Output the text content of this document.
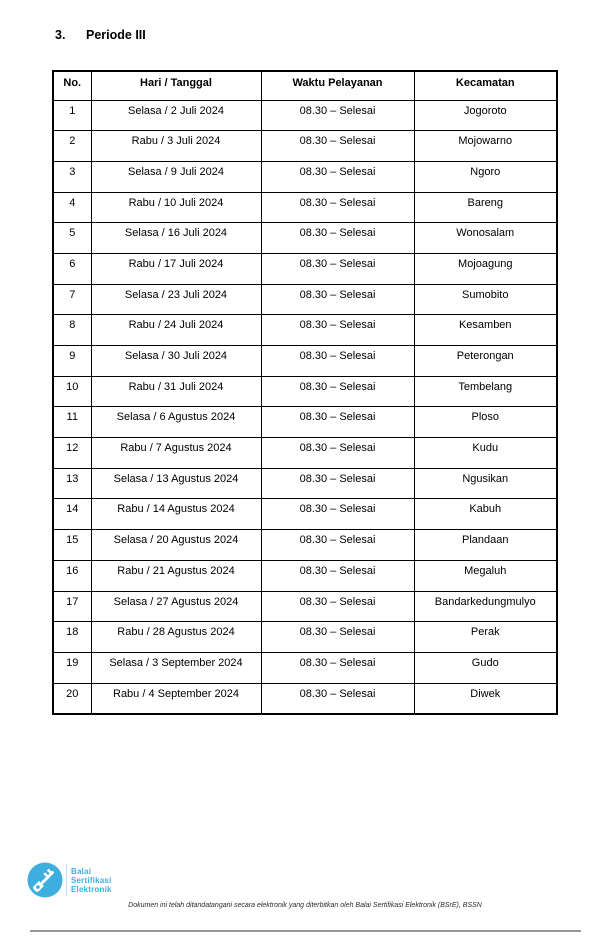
3.	Periode III
No.	Hari / Tanggal	Waktu Pelayanan	Kecamatan
1	Selasa / 2 Juli 2024	08.30 – Selesai	Jogoroto
2	Rabu / 3 Juli 2024	08.30 – Selesai	Mojowarno
3	Selasa / 9 Juli 2024	08.30 – Selesai	Ngoro
4	Rabu / 10 Juli 2024	08.30 – Selesai	Bareng
5	Selasa / 16 Juli 2024	08.30 – Selesai	Wonosalam
6	Rabu / 17 Juli 2024	08.30 – Selesai	Mojoagung
7	Selasa / 23 Juli 2024	08.30 – Selesai	Sumobito
8	Rabu / 24 Juli 2024	08.30 – Selesai	Kesamben
9	Selasa / 30 Juli 2024	08.30 – Selesai	Peterongan
10	Rabu / 31 Juli 2024	08.30 – Selesai	Tembelang
11	Selasa / 6 Agustus 2024	08.30 – Selesai	Ploso
12	Rabu / 7 Agustus 2024	08.30 – Selesai	Kudu
13	Selasa / 13 Agustus 2024	08.30 – Selesai	Ngusikan
14	Rabu / 14 Agustus 2024	08.30 – Selesai	Kabuh
15	Selasa / 20 Agustus 2024	08.30 – Selesai	Plandaan
16	Rabu / 21 Agustus 2024	08.30 – Selesai	Megaluh
17	Selasa / 27 Agustus 2024	08.30 – Selesai	Bandarkedungmulyo
18	Rabu / 28 Agustus 2024	08.30 – Selesai	Perak
19	Selasa / 3 September 2024	08.30 – Selesai	Gudo
20	Rabu / 4 September 2024	08.30 – Selesai	Diwek
Balai
Sertifikasi
Elektronik
Dokumen ini telah ditandatangani secara elektronik yang diterbitkan oleh Balai Sertifikasi Elektronik (BSrE), BSSN
